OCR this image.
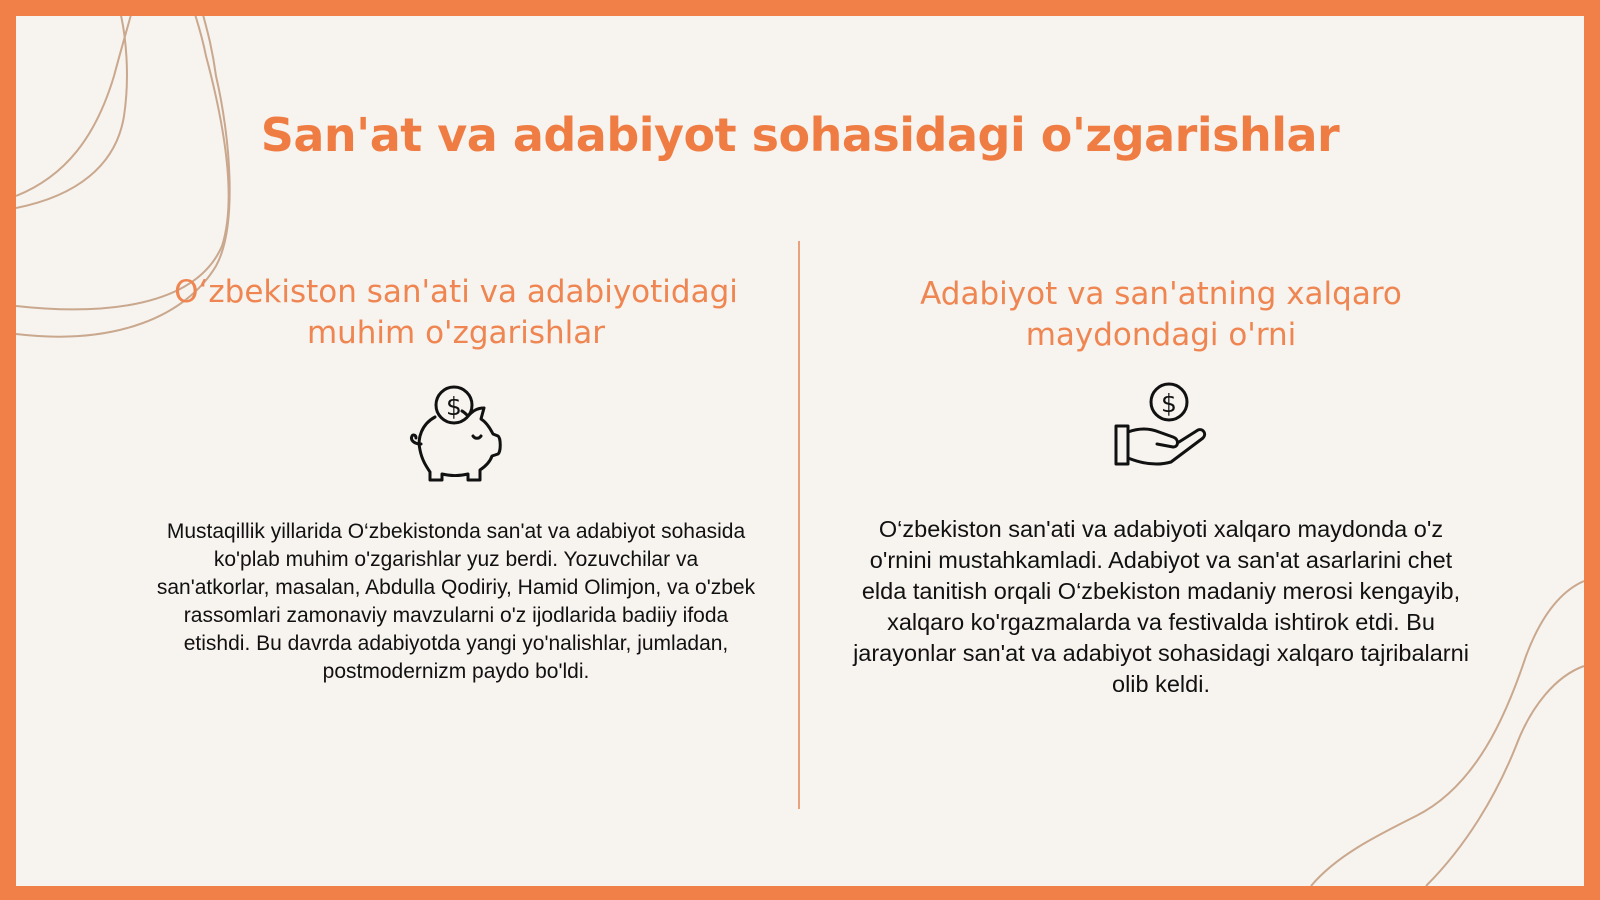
San'at va adabiyot sohasidagi o'zgarishlar
O‘zbekiston san'ati va adabiyotidagi muhim o'zgarishlar
$
Mustaqillik yillarida O‘zbekistonda san'at va adabiyot sohasida ko'plab muhim o'zgarishlar yuz berdi. Yozuvchilar va san'atkorlar, masalan, Abdulla Qodiriy, Hamid Olimjon, va o'zbek rassomlari zamonaviy mavzularni o'z ijodlarida badiiy ifoda etishdi. Bu davrda adabiyotda yangi yo'nalishlar, jumladan, postmodernizm paydo bo'ldi.
Adabiyot va san'atning xalqaro maydondagi o'rni
$
O‘zbekiston san'ati va adabiyoti xalqaro maydonda o'z o'rnini mustahkamladi. Adabiyot va san'at asarlarini chet elda tanitish orqali O‘zbekiston madaniy merosi kengayib, xalqaro ko'rgazmalarda va festivalda ishtirok etdi. Bu jarayonlar san'at va adabiyot sohasidagi xalqaro tajribalarni olib keldi.
